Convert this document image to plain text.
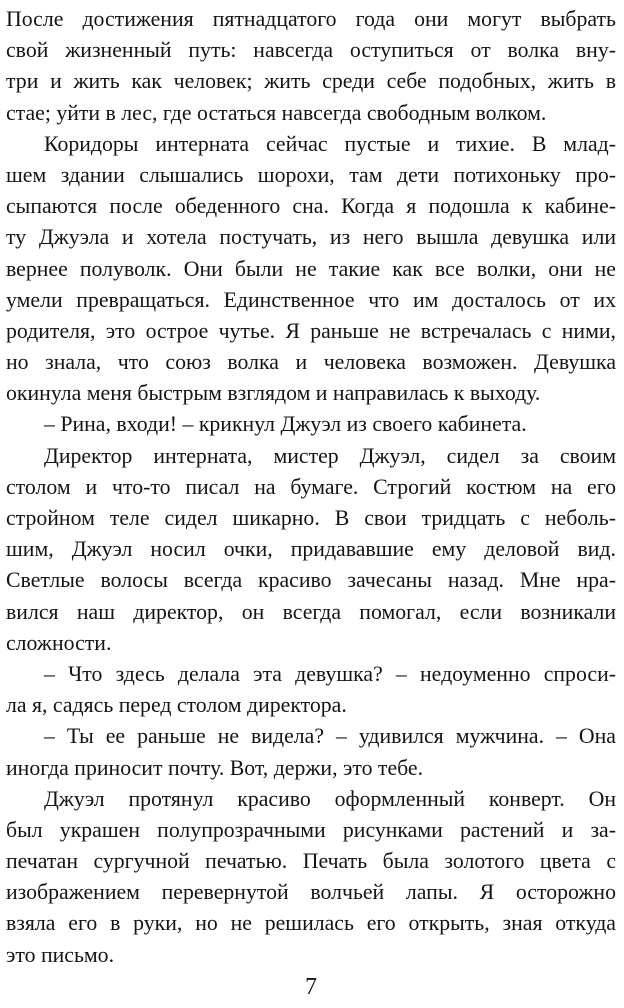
После достижения пятнадцатого года они могут выбрать
свой жизненный путь: навсегда оступиться от волка вну-
три и жить как человек; жить среди себе подобных, жить в
стае; уйти в лес, где остаться навсегда свободным волком.
Коридоры интерната сейчас пустые и тихие. В млад-
шем здании слышались шорохи, там дети потихоньку про-
сыпаются после обеденного сна. Когда я подошла к кабине-
ту Джуэла и хотела постучать, из него вышла девушка или
вернее полуволк. Они были не такие как все волки, они не
умели превращаться. Единственное что им досталось от их
родителя, это острое чутье. Я раньше не встречалась с ними,
но знала, что союз волка и человека возможен. Девушка
окинула меня быстрым взглядом и направилась к выходу.
– Рина, входи! – крикнул Джуэл из своего кабинета.
Директор интерната, мистер Джуэл, сидел за своим
столом и что-то писал на бумаге. Строгий костюм на его
стройном теле сидел шикарно. В свои тридцать с неболь-
шим, Джуэл носил очки, придававшие ему деловой вид.
Светлые волосы всегда красиво зачесаны назад. Мне нра-
вился наш директор, он всегда помогал, если возникали
сложности.
– Что здесь делала эта девушка? – недоуменно спроси-
ла я, садясь перед столом директора.
– Ты ее раньше не видела? – удивился мужчина. – Она
иногда приносит почту. Вот, держи, это тебе.
Джуэл протянул красиво оформленный конверт. Он
был украшен полупрозрачными рисунками растений и за-
печатан сургучной печатью. Печать была золотого цвета с
изображением перевернутой волчьей лапы. Я осторожно
взяла его в руки, но не решилась его открыть, зная откуда
это письмо.
7
